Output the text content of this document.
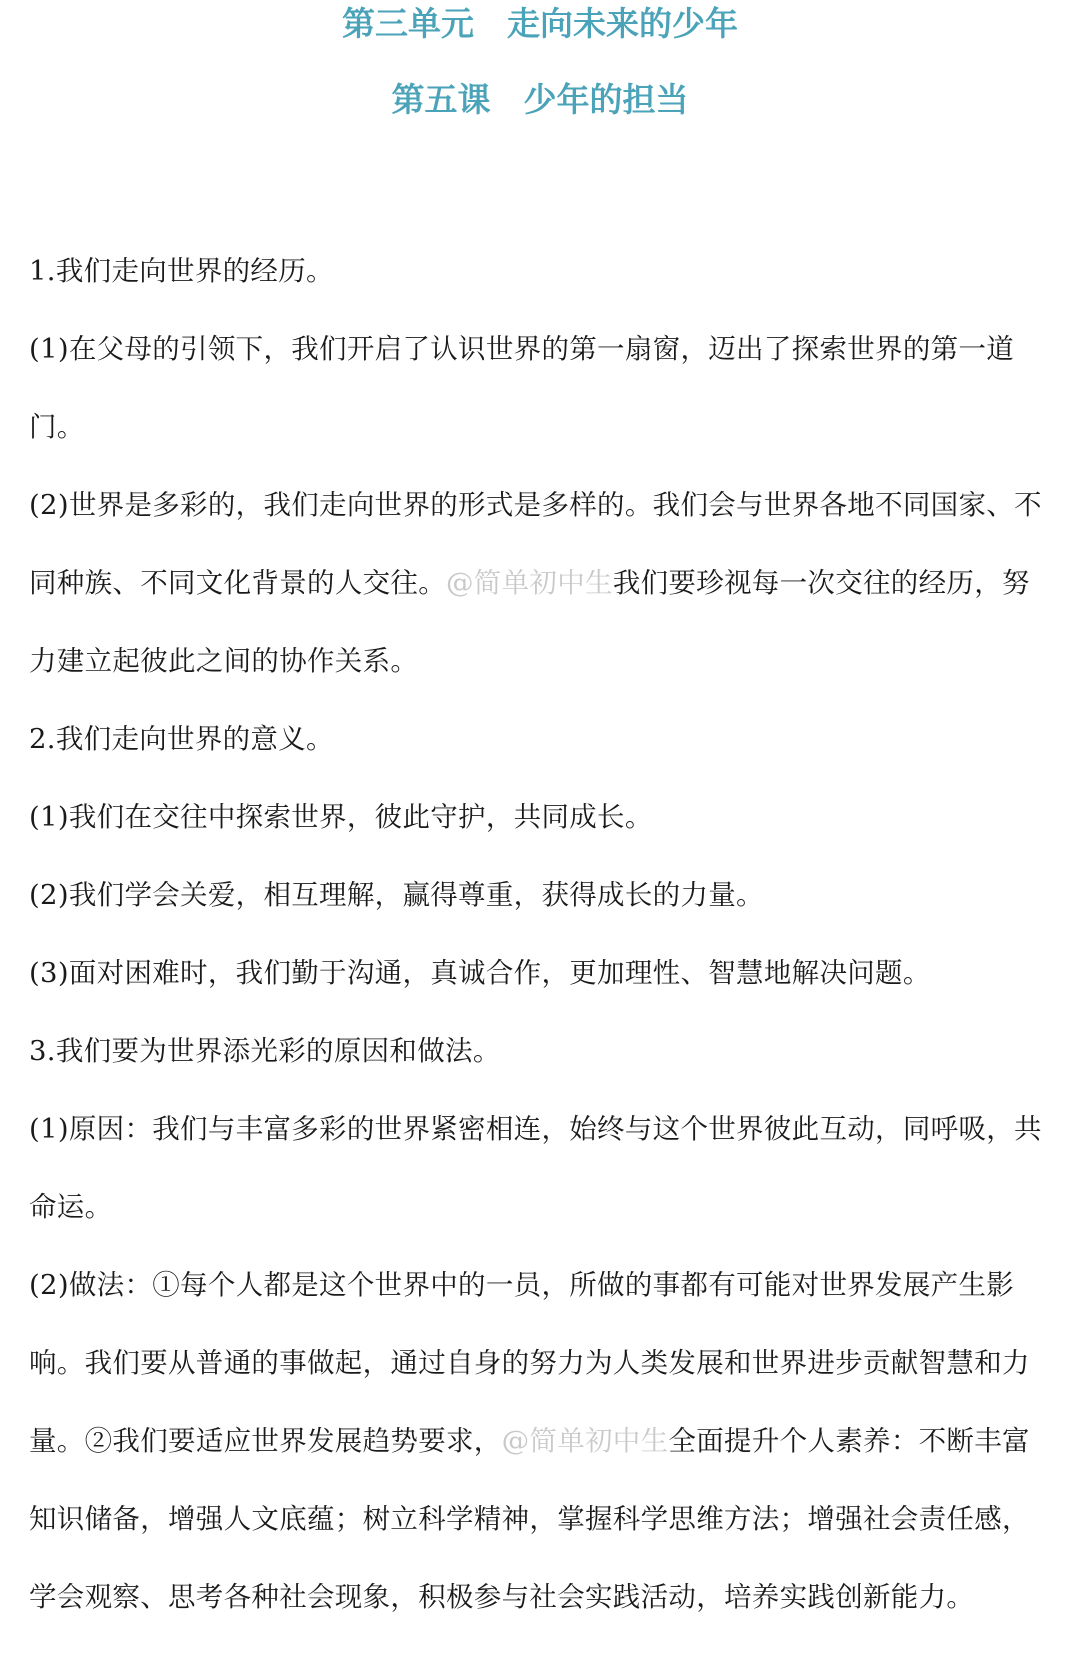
第三单元　走向未来的少年
第五课　少年的担当

1.我们走向世界的经历。

(1)在父母的引领下，我们开启了认识世界的第一扇窗，迈出了探索世界的第一道门。

(2)世界是多彩的，我们走向世界的形式是多样的。我们会与世界各地不同国家、不同种族、不同文化背景的人交往。@简单初中生我们要珍视每一次交往的经历，努力建立起彼此之间的协作关系。

2.我们走向世界的意义。

(1)我们在交往中探索世界，彼此守护，共同成长。

(2)我们学会关爱，相互理解，赢得尊重，获得成长的力量。

(3)面对困难时，我们勤于沟通，真诚合作，更加理性、智慧地解决问题。

3.我们要为世界添光彩的原因和做法。

(1)原因：我们与丰富多彩的世界紧密相连，始终与这个世界彼此互动，同呼吸，共命运。

(2)做法：①每个人都是这个世界中的一员，所做的事都有可能对世界发展产生影响。我们要从普通的事做起，通过自身的努力为人类发展和世界进步贡献智慧和力量。②我们要适应世界发展趋势要求，@简单初中生全面提升个人素养：不断丰富知识储备，增强人文底蕴；树立科学精神，掌握科学思维方法；增强社会责任感，学会观察、思考各种社会现象，积极参与社会实践活动，培养实践创新能力。
